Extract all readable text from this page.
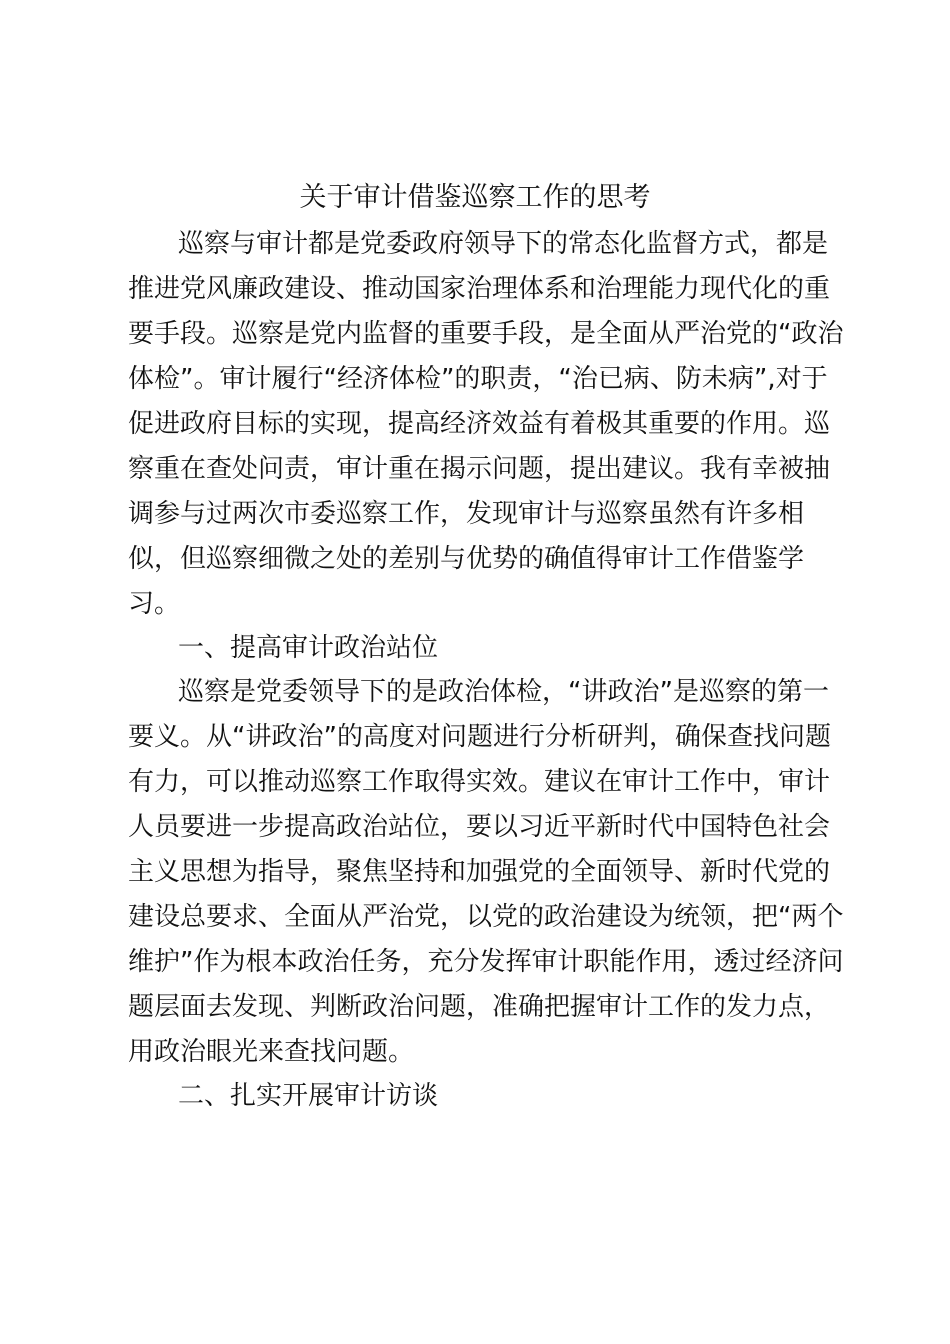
关于审计借鉴巡察工作的思考
巡察与审计都是党委政府领导下的常态化监督方式，都是
推进党风廉政建设、推动国家治理体系和治理能力现代化的重
要手段。巡察是党内监督的重要手段，是全面从严治党的“政治
体检”。审计履行“经济体检”的职责，“治已病、防未病”,对于
促进政府目标的实现，提高经济效益有着极其重要的作用。巡
察重在查处问责，审计重在揭示问题，提出建议。我有幸被抽
调参与过两次市委巡察工作，发现审计与巡察虽然有许多相
似，但巡察细微之处的差别与优势的确值得审计工作借鉴学
习。
一、提高审计政治站位
巡察是党委领导下的是政治体检，“讲政治”是巡察的第一
要义。从“讲政治”的高度对问题进行分析研判，确保查找问题
有力，可以推动巡察工作取得实效。建议在审计工作中，审计
人员要进一步提高政治站位，要以习近平新时代中国特色社会
主义思想为指导，聚焦坚持和加强党的全面领导、新时代党的
建设总要求、全面从严治党，以党的政治建设为统领，把“两个
维护”作为根本政治任务，充分发挥审计职能作用，透过经济问
题层面去发现、判断政治问题，准确把握审计工作的发力点，
用政治眼光来查找问题。
二、扎实开展审计访谈
